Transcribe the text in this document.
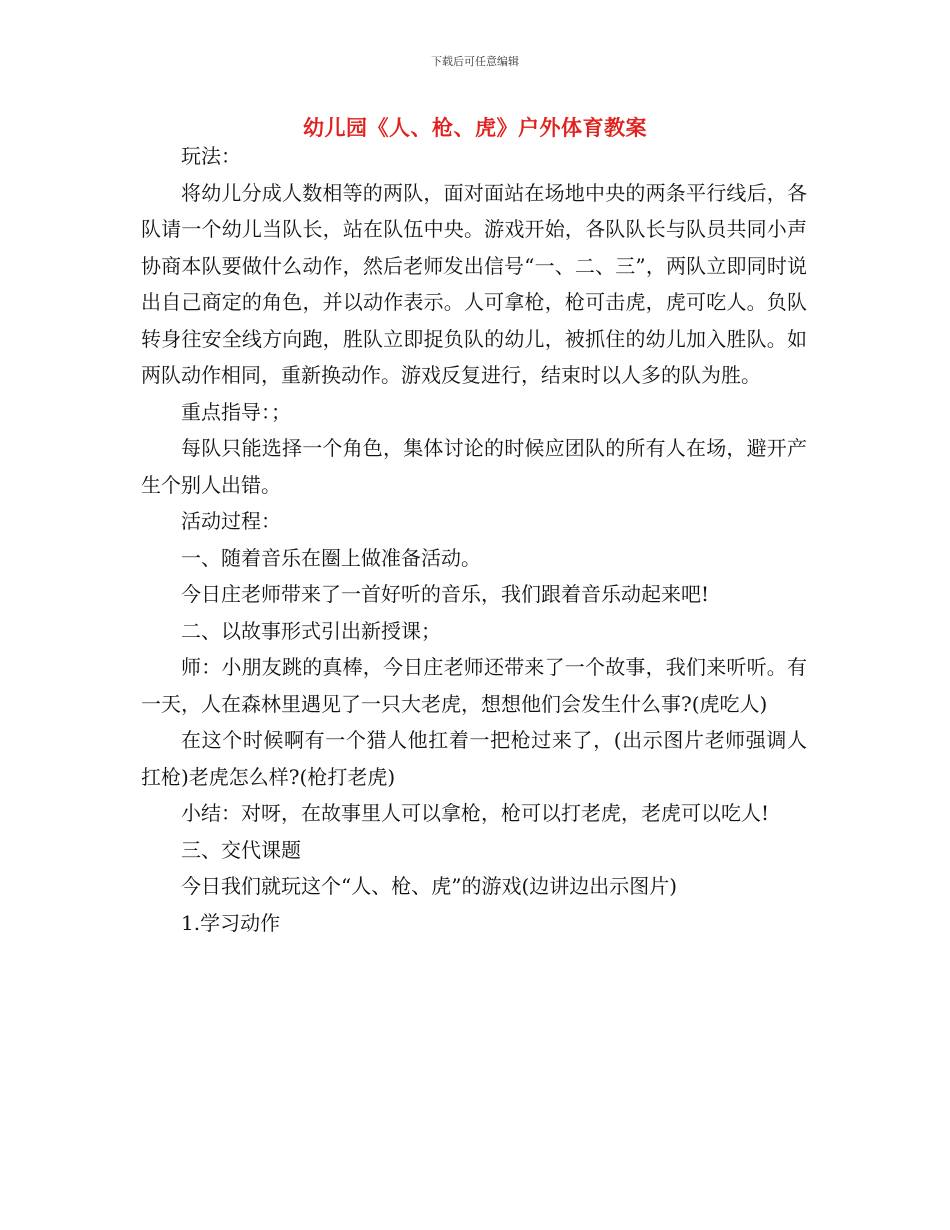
下载后可任意编辑
幼儿园《人、枪、虎》户外体育教案

玩法：

将幼儿分成人数相等的两队，面对面站在场地中央的两条平行线后，各队请一个幼儿当队长，站在队伍中央。游戏开始，各队队长与队员共同小声协商本队要做什么动作，然后老师发出信号“一、二、三”，两队立即同时说出自己商定的角色，并以动作表示。人可拿枪，枪可击虎，虎可吃人。负队转身往安全线方向跑，胜队立即捉负队的幼儿，被抓住的幼儿加入胜队。如两队动作相同，重新换动作。游戏反复进行，结束时以人多的队为胜。

重点指导：；

每队只能选择一个角色，集体讨论的时候应团队的所有人在场，避开产生个别人出错。

活动过程：

一、随着音乐在圈上做准备活动。

今日庄老师带来了一首好听的音乐，我们跟着音乐动起来吧!

二、以故事形式引出新授课；

师：小朋友跳的真棒，今日庄老师还带来了一个故事，我们来听听。有一天，人在森林里遇见了一只大老虎，想想他们会发生什么事?(虎吃人)

在这个时候啊有一个猎人他扛着一把枪过来了，(出示图片老师强调人扛枪)老虎怎么样?(枪打老虎)

小结：对呀，在故事里人可以拿枪，枪可以打老虎，老虎可以吃人!

三、交代课题

今日我们就玩这个“人、枪、虎”的游戏(边讲边出示图片)

1.学习动作
